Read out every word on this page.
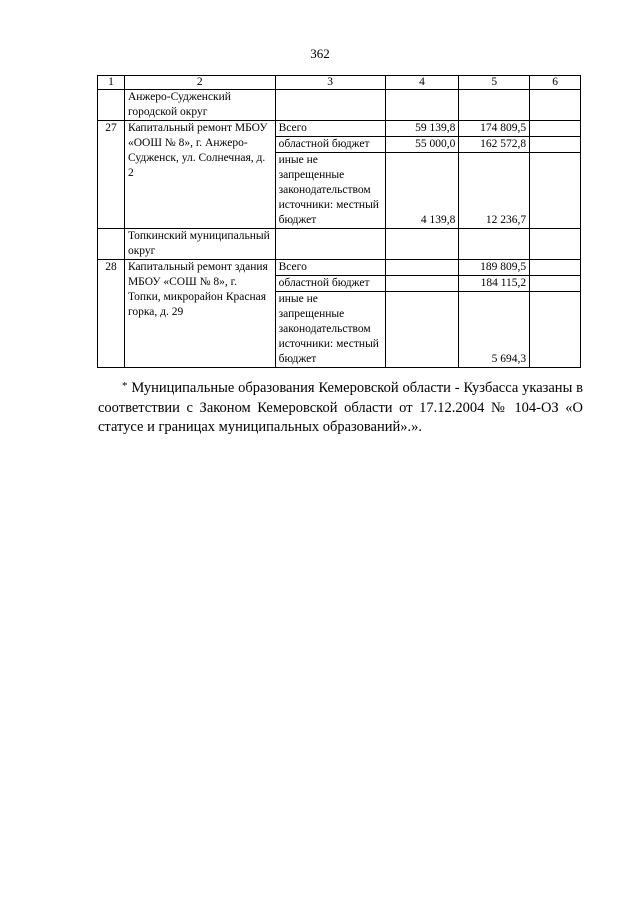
362
1	2	3	4	5	6
	Анжеро-Судженский городской округ				
27	Капитальный ремонт МБОУ «ООШ № 8», г. Анжеро-Судженск, ул. Солнечная, д. 2	Всего	59 139,8	174 809,5	
		областной бюджет	55 000,0	162 572,8	
		иные не запрещенные законодательством источники: местный бюджет	4 139,8	12 236,7	
	Топкинский муниципальный округ				
28	Капитальный ремонт здания МБОУ «СОШ № 8», г. Топки, микрорайон Красная горка, д. 29	Всего		189 809,5	
		областной бюджет		184 115,2	
		иные не запрещенные законодательством источники: местный бюджет		5 694,3	

* Муниципальные образования Кемеровской области - Кузбасса указаны в соответствии с Законом Кемеровской области от 17.12.2004 № 104-ОЗ «О статусе и границах муниципальных образований».».
